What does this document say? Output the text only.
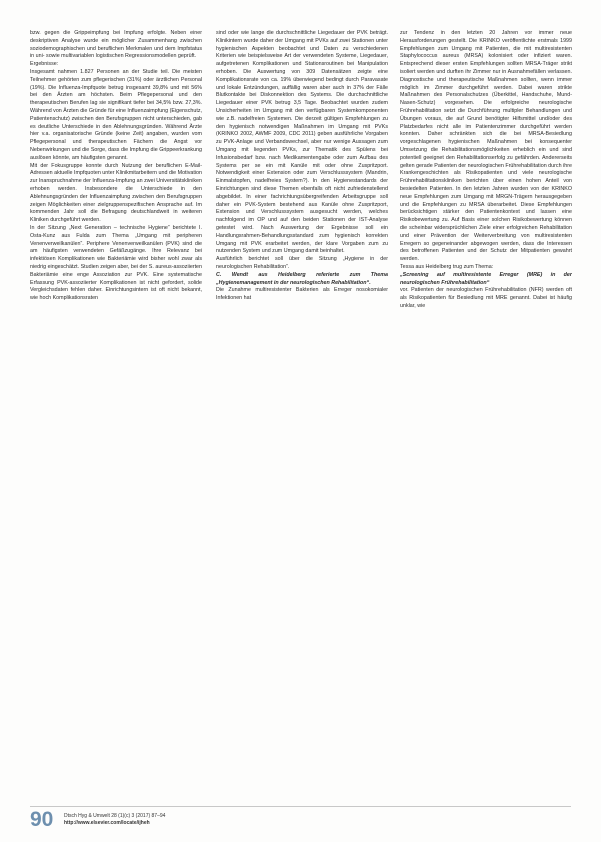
bzw. gegen die Grippeimpfung bei Impfung erfolgte. Neben einer deskriptiven Analyse wurde ein möglicher Zusammenhang zwischen soziodemographischen und beruflichen Merkmalen und dem Impfstatus in uni- sowie multivariablen logistischen Regressionsmodellen geprüft.

Ergebnisse:

Insgesamt nahmen 1.827 Personen an der Studie teil. Die meisten Teilnehmer gehörten zum pflegerischen (31%) oder ärztlichen Personal (19%). Die Influenza-Impfquote betrug insgesamt 39,8% und mit 56% bei den Ärzten am höchsten. Beim Pflegepersonal und den therapeutischen Berufen lag sie signifikant tiefer bei 34,5% bzw. 27,3%. Während von Ärzten die Gründe für eine Influenzaimpfung (Eigenschutz, Patientenschutz) zwischen den Berufsgruppen nicht unterschieden, gab es deutliche Unterschiede in den Ablehnungsgründen. Während Ärzte hier v.a. organisatorische Gründe (keine Zeit) angaben, wurden vom Pflegepersonal und therapeutischen Fächern die Angst vor Nebenwirkungen und die Sorge, dass die Impfung die Grippeerkrankung auslösen könnte, am häufigsten genannt.

Mit der Fokusgruppe konnte durch Nutzung der beruflichen E-Mail-Adressen aktuelle Impfquoten unter Klinikmitarbeitern und die Motivation zur Inanspruchnahme der Influenza-Impfung an zwei Universitätskliniken erhoben werden. Insbesondere die Unterschiede in den Ablehnungsgründen der Influenzaimpfung zwischen den Berufsgruppen zeigen Möglichkeiten einer zielgruppenspezifischen Ansprache auf. Im kommenden Jahr soll die Befragung deutschlandweit in weiteren Kliniken durchgeführt werden.

In der Sitzung „Next Generation – technische Hygiene“ berichtete I. Osta-Kunz aus Fulda zum Thema „Umgang mit peripheren Venenverweilkanülen“. Periphere Venenverweilkanülen (PVK) sind die am häufigsten verwendeten Gefäßzugänge. Ihre Relevanz bei infektiösen Komplikationen wie Bakteriämie wird bisher wohl zwar als niedrig eingeschätzt. Studien zeigen aber, bei der S. aureus-assoziierten Bakteriämie eine enge Assoziation zur PVK. Eine systematische Erfassung PVK-assoziierter Komplikationen ist nicht gefordert, solide Vergleichsdaten fehlen daher. Einrichtungsintern ist oft nicht bekannt, wie hoch Komplikationsraten

sind oder wie lange die durchschnittliche Liegedauer der PVK beträgt. Klinikintern wurde daher der Umgang mit PVKs auf zwei Stationen unter hygienischen Aspekten beobachtet und Daten zu verschiedenen Kriterien wie beispielsweise Art der verwendeten Systeme, Liegedauer, aufgetretenen Komplikationen und Stationsroutinen bei Manipulation erhoben. Die Auswertung von 309 Datensätzen zeigte eine Komplikationsrate von ca. 19% überwiegend bedingt durch Paravasate und lokale Entzündungen, auffällig waren aber auch in 37% der Fälle Blutkontakte bei Diskonnektion des Systems. Die durchschnittliche Liegedauer einer PVK betrug 3,5 Tage. Beobachtet wurden zudem Unsicherheiten im Umgang mit den verfügbaren Systemkomponenten wie z.B. nadelfreien Systemen. Die derzeit gültigen Empfehlungen zu den hygienisch notwendigen Maßnahmen im Umgang mit PVKs (KRINKO 2002, AWMF 2009, CDC 2011) geben ausführliche Vorgaben zu PVK-Anlage und Verbandswechsel, aber nur wenige Aussagen zum Umgang mit liegenden PVKs, zur Thematik des Spülens bei Infusionsbedarf bzw. nach Medikamentengabe oder zum Aufbau des Systems per se ein mit Kanüle mit oder ohne Zuspritzport. Notwendigkeit einer Extension oder zum Verschlusssystem (Mandrin, Einmalstopfen, nadelfreies System?). In den Hygienestandards der Einrichtungen sind diese Themen ebenfalls oft nicht zufriedenstellend abgebildet. In einer fachrichtungsübergreifenden Arbeitsgruppe soll daher ein PVK-System bestehend aus Kanüle ohne Zuspritzport, Extension und Verschlusssystem ausgesucht werden, welches nachfolgend im OP und auf den beiden Stationen der IST-Analyse getestet wird. Nach Auswertung der Ergebnisse soll ein Handlungsrahmen-Behandlungsstandard zum hygienisch korrekten Umgang mit PVK erarbeitet werden, der klare Vorgaben zum zu nutzenden System und zum Umgang damit beinhaltet.

Ausführlich berichtet soll über die Sitzung „Hygiene in der neurologischen Rehabilitation“.

C. Wendt aus Heidelberg referierte zum Thema „Hygienemanagement in der neurologischen Rehabilitation“.

Die Zunahme multiresistenter Bakterien als Erreger nosokomialer Infektionen hat

zur Tendenz in den letzten 20 Jahren vor immer neue Herausforderungen gestellt. Die KRINKO veröffentlichte erstmals 1999 Empfehlungen zum Umgang mit Patienten, die mit multiresistenten Staphylococcus aureus (MRSA) kolonisiert oder infiziert waren. Entsprechend dieser ersten Empfehlungen sollten MRSA-Träger strikt isoliert werden und durften ihr Zimmer nur in Ausnahmefällen verlassen. Diagnostische und therapeutische Maßnahmen sollten, wenn immer möglich im Zimmer durchgeführt werden. Dabei waren strikte Maßnahmen des Personalschutzes (Überkittel, Handschuhe, Mund-Nasen-Schutz) vorgesehen. Die erfolgreiche neurologische Frührehabilitation setzt die Durchführung multipler Behandlungen und Übungen voraus, die auf Grund benötigter Hilfsmittel und/oder des Platzbedarfes nicht alle im Patientenzimmer durchgeführt werden konnten. Daher schränkten sich die bei MRSA-Besiedlung vorgeschlagenen hygienischen Maßnahmen bei konsequenter Umsetzung die Rehabilitationsmöglichkeiten erheblich ein und sind potentiell geeignet den Rehabilitationserfolg zu gefährden. Andererseits gelten gerade Patienten der neurologischen Frührehabilitation durch ihre Krankengeschichten als Risikopatienten und viele neurologische Frührehabilitationskliniken berichten über einen hohen Anteil von besiedelten Patienten. In den letzten Jahren wurden von der KRINKO neue Empfehlungen zum Umgang mit MRGN-Trägern herausgegeben und die Empfehlungen zu MRSA überarbeitet. Diese Empfehlungen berücksichtigen stärker den Patientenkontext und lassen eine Risikobewertung zu. Auf Basis einer solchen Risikobewertung können die scheinbar widersprüchlichen Ziele einer erfolgreichen Rehabilitation und einer Prävention der Weiterverbreitung von multiresistenten Erregern so gegeneinander abgewogen werden, dass die Interessen des betroffenen Patienten und der Schutz der Mitpatienten gewahrt werden.

Tessa aus Heidelberg trug zum Thema:

„Screening auf multiresistente Erreger (MRE) in der neurologischen Frührehabilitation“

vor. Patienten der neurologischen Frührehabilitation (NFR) werden oft als Risikopatienten für Besiedlung mit MRE genannt. Dabei ist häufig unklar, wie

90 Dtsch Hyg & Umwelt 28 (1)(c) 3 (2017) 87–94
http://www.elsevier.com/locate/ijheh
